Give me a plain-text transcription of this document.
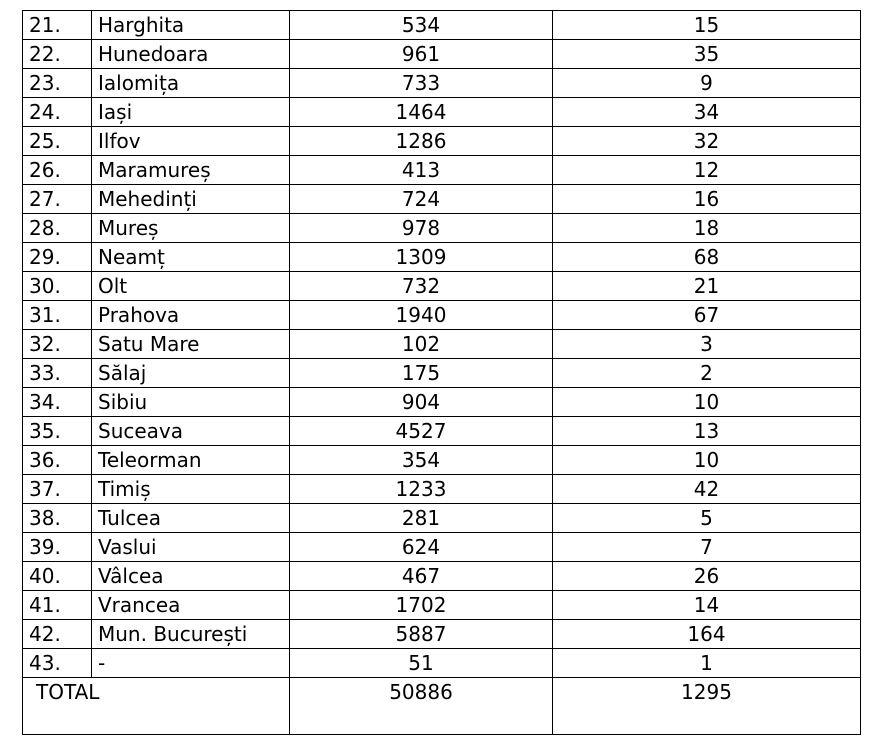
21.	Harghita	534	15
22.	Hunedoara	961	35
23.	Ialomița	733	9
24.	Iași	1464	34
25.	Ilfov	1286	32
26.	Maramureș	413	12
27.	Mehedinți	724	16
28.	Mureș	978	18
29.	Neamț	1309	68
30.	Olt	732	21
31.	Prahova	1940	67
32.	Satu Mare	102	3
33.	Sălaj	175	2
34.	Sibiu	904	10
35.	Suceava	4527	13
36.	Teleorman	354	10
37.	Timiș	1233	42
38.	Tulcea	281	5
39.	Vaslui	624	7
40.	Vâlcea	467	26
41.	Vrancea	1702	14
42.	Mun. București	5887	164
43.	-	51	1
TOTAL		50886	1295
